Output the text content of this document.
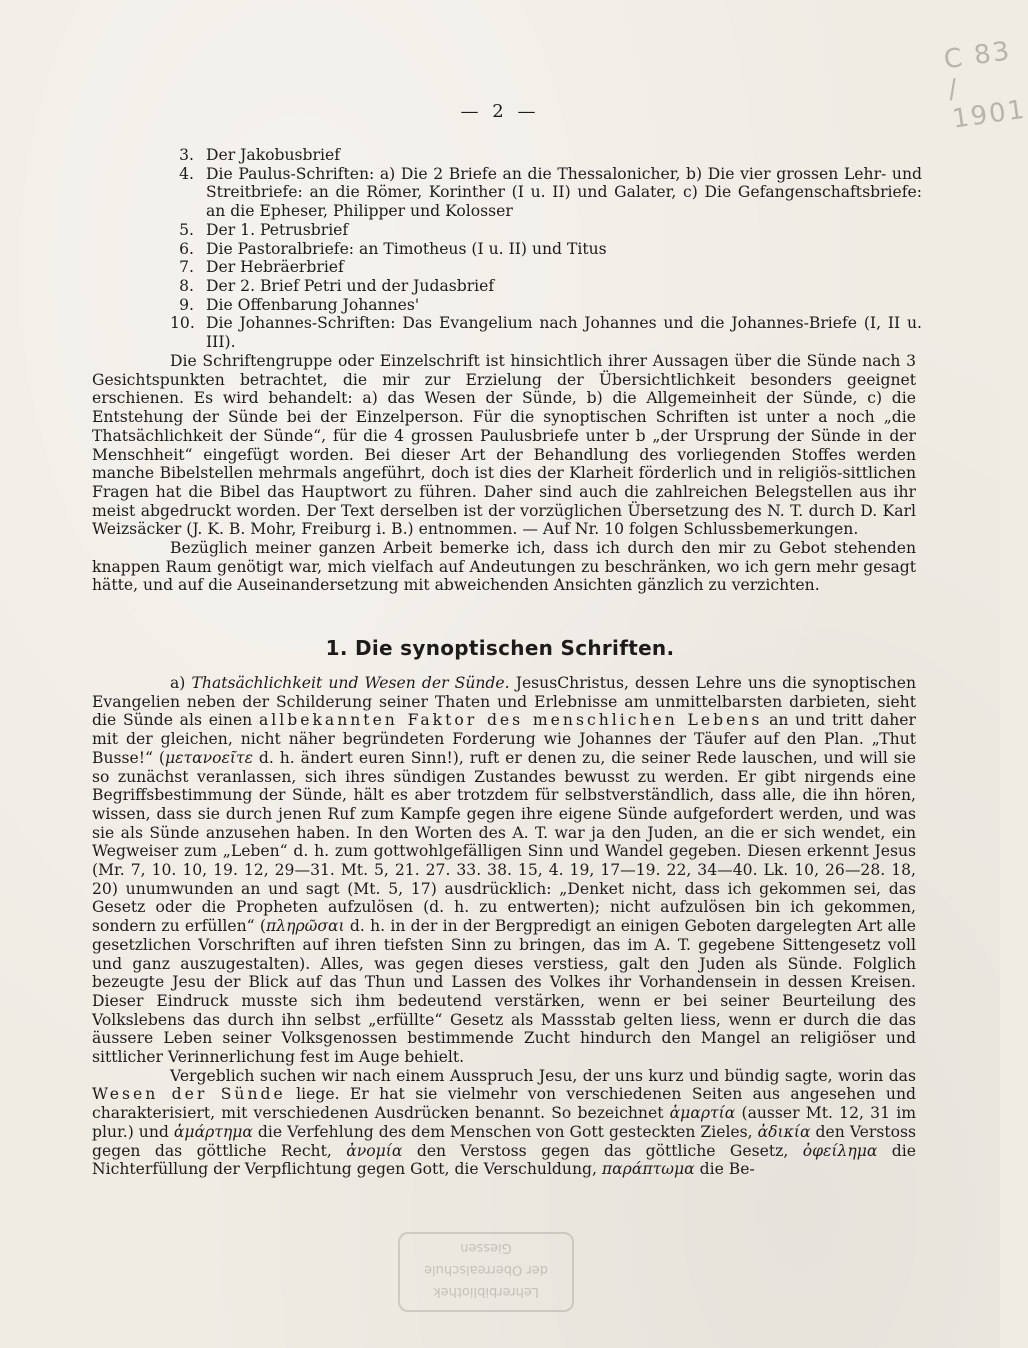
C 83 / 1901
— 2 —
3. Der Jakobusbrief
4. Die Paulus-Schriften: a) Die 2 Briefe an die Thessalonicher, b) Die vier grossen Lehr- und Streitbriefe: an die Römer, Korinther (I u. II) und Galater, c) Die Gefangenschaftsbriefe: an die Epheser, Philipper und Kolosser
5. Der 1. Petrusbrief
6. Die Pastoralbriefe: an Timotheus (I u. II) und Titus
7. Der Hebräerbrief
8. Der 2. Brief Petri und der Judasbrief
9. Die Offenbarung Johannes'
10. Die Johannes-Schriften: Das Evangelium nach Johannes und die Johannes-Briefe (I, II u. III).

Die Schriftengruppe oder Einzelschrift ist hinsichtlich ihrer Aussagen über die Sünde nach 3 Gesichtspunkten betrachtet, die mir zur Erzielung der Übersichtlichkeit besonders geeignet erschienen. Es wird behandelt: a) das Wesen der Sünde, b) die Allgemeinheit der Sünde, c) die Entstehung der Sünde bei der Einzelperson. Für die synoptischen Schriften ist unter a noch „die Thatsächlichkeit der Sünde“, für die 4 grossen Paulusbriefe unter b „der Ursprung der Sünde in der Menschheit“ eingefügt worden. Bei dieser Art der Behandlung des vorliegenden Stoffes werden manche Bibelstellen mehrmals angeführt, doch ist dies der Klarheit förderlich und in religiös-sittlichen Fragen hat die Bibel das Hauptwort zu führen. Daher sind auch die zahlreichen Belegstellen aus ihr meist abgedruckt worden. Der Text derselben ist der vorzüglichen Übersetzung des N. T. durch D. Karl Weizsäcker (J. K. B. Mohr, Freiburg i. B.) entnommen. — Auf Nr. 10 folgen Schlussbemerkungen.

Bezüglich meiner ganzen Arbeit bemerke ich, dass ich durch den mir zu Gebot stehenden knappen Raum genötigt war, mich vielfach auf Andeutungen zu beschränken, wo ich gern mehr gesagt hätte, und auf die Auseinandersetzung mit abweichenden Ansichten gänzlich zu verzichten.

1. Die synoptischen Schriften.

a) Thatsächlichkeit und Wesen der Sünde. JesusChristus, dessen Lehre uns die synoptischen Evangelien neben der Schilderung seiner Thaten und Erlebnisse am unmittelbarsten darbieten, sieht die Sünde als einen allbekannten Faktor des menschlichen Lebens an und tritt daher mit der gleichen, nicht näher begründeten Forderung wie Johannes der Täufer auf den Plan. „Thut Busse!“ (μετανοεῖτε d. h. ändert euren Sinn!), ruft er denen zu, die seiner Rede lauschen, und will sie so zunächst veranlassen, sich ihres sündigen Zustandes bewusst zu werden. Er gibt nirgends eine Begriffsbestimmung der Sünde, hält es aber trotzdem für selbstverständlich, dass alle, die ihn hören, wissen, dass sie durch jenen Ruf zum Kampfe gegen ihre eigene Sünde aufgefordert werden, und was sie als Sünde anzusehen haben. In den Worten des A. T. war ja den Juden, an die er sich wendet, ein Wegweiser zum „Leben“ d. h. zum gottwohlgefälligen Sinn und Wandel gegeben. Diesen erkennt Jesus (Mr. 7, 10. 10, 19. 12, 29—31. Mt. 5, 21. 27. 33. 38. 15, 4. 19, 17—19. 22, 34—40. Lk. 10, 26—28. 18, 20) unumwunden an und sagt (Mt. 5, 17) ausdrücklich: „Denket nicht, dass ich gekommen sei, das Gesetz oder die Propheten aufzulösen (d. h. zu entwerten); nicht aufzulösen bin ich gekommen, sondern zu erfüllen“ (πληρῶσαι d. h. in der in der Bergpredigt an einigen Geboten dargelegten Art alle gesetzlichen Vorschriften auf ihren tiefsten Sinn zu bringen, das im A. T. gegebene Sittengesetz voll und ganz auszugestalten). Alles, was gegen dieses verstiess, galt den Juden als Sünde. Folglich bezeugte Jesu der Blick auf das Thun und Lassen des Volkes ihr Vorhandensein in dessen Kreisen. Dieser Eindruck musste sich ihm bedeutend verstärken, wenn er bei seiner Beurteilung des Volkslebens das durch ihn selbst „erfüllte“ Gesetz als Massstab gelten liess, wenn er durch die das äussere Leben seiner Volksgenossen bestimmende Zucht hindurch den Mangel an religiöser und sittlicher Verinnerlichung fest im Auge behielt.

Vergeblich suchen wir nach einem Ausspruch Jesu, der uns kurz und bündig sagte, worin das Wesen der Sünde liege. Er hat sie vielmehr von verschiedenen Seiten aus angesehen und charakterisiert, mit verschiedenen Ausdrücken benannt. So bezeichnet ἁμαρτία (ausser Mt. 12, 31 im plur.) und ἁμάρτημα die Verfehlung des dem Menschen von Gott gesteckten Zieles, ἀδικία den Verstoss gegen das göttliche Recht, ἀνομία den Verstoss gegen das göttliche Gesetz, ὀφείλημα die Nichterfüllung der Verpflichtung gegen Gott, die Verschuldung, παράπτωμα die Be-

Lehrerbibliothek
der Oberrealschule
Giessen
